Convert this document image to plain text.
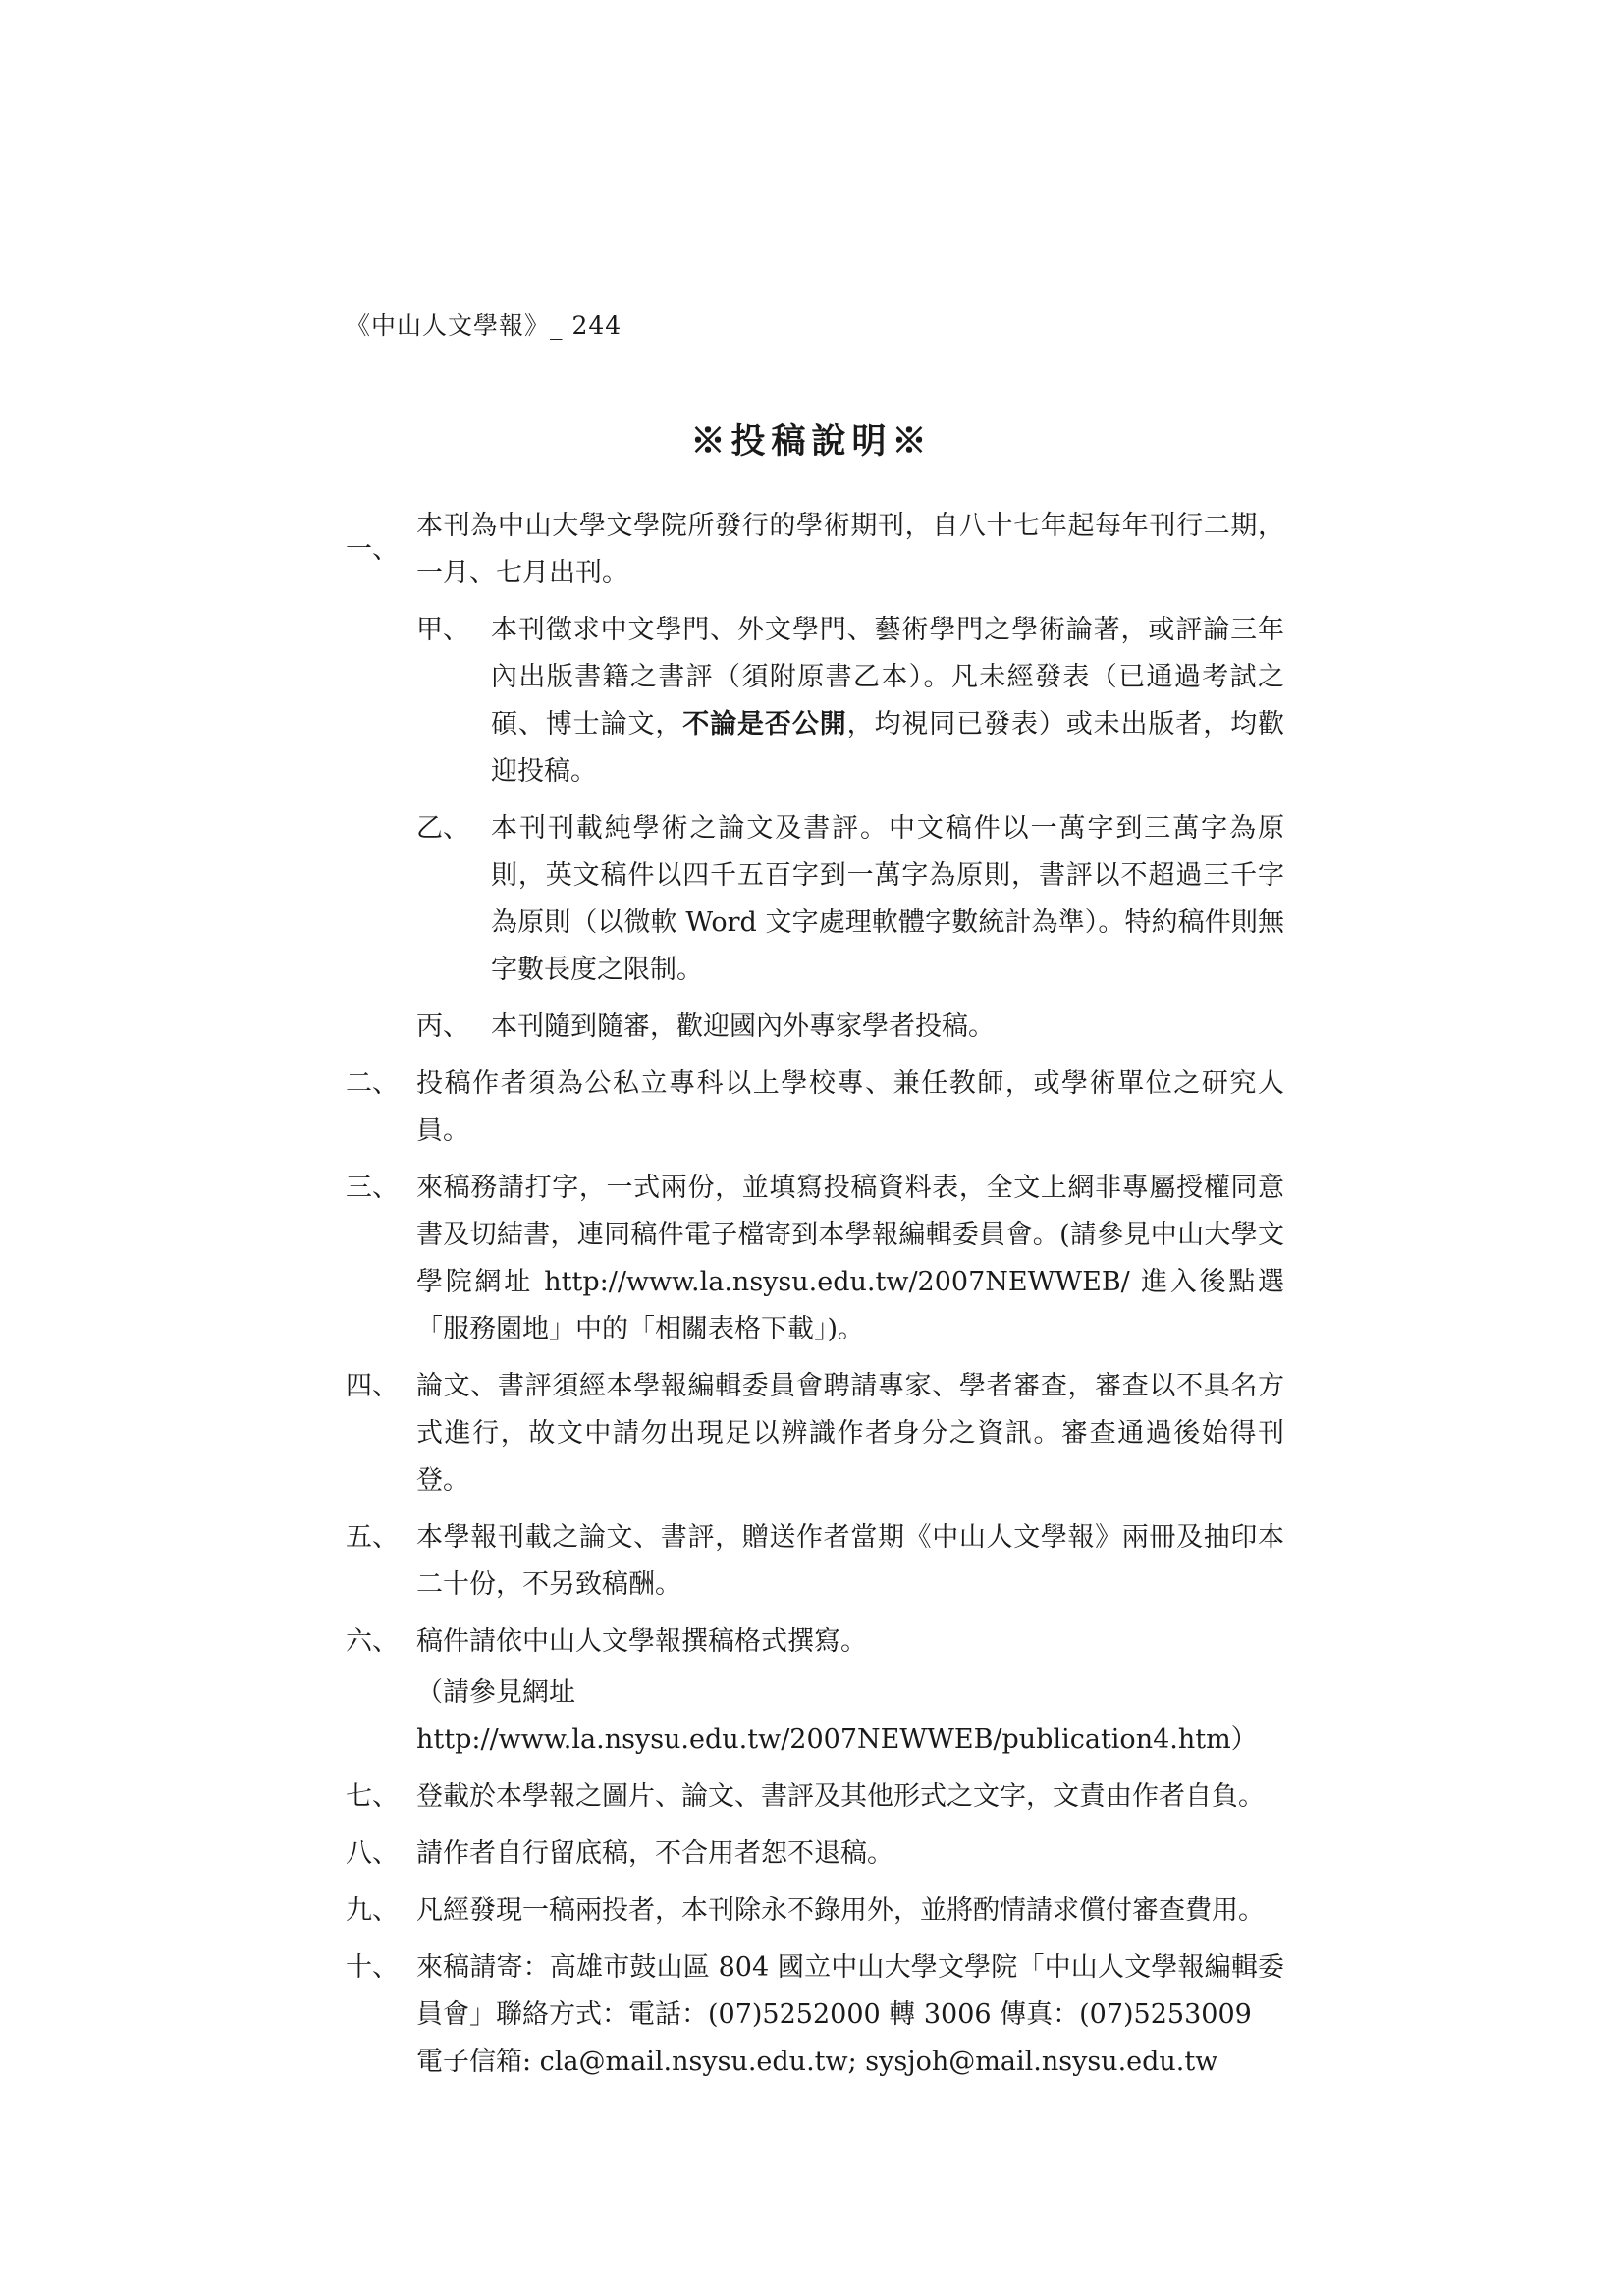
《中山人文學報》_ 244
※投稿說明※
一、
本刊為中山大學文學院所發行的學術期刊，自八十七年起每年刊行二期，一月、七月出刊。
甲、 本刊徵求中文學門、外文學門、藝術學門之學術論著，或評論三年內出版書籍之書評（須附原書乙本）。凡未經發表（已通過考試之碩、博士論文，不論是否公開，均視同已發表）或未出版者，均歡迎投稿。
乙、 本刊刊載純學術之論文及書評。中文稿件以一萬字到三萬字為原則，英文稿件以四千五百字到一萬字為原則，書評以不超過三千字為原則（以微軟 Word 文字處理軟體字數統計為準）。特約稿件則無字數長度之限制。
丙、 本刊隨到隨審，歡迎國內外專家學者投稿。
二、 投稿作者須為公私立專科以上學校專、兼任教師，或學術單位之研究人員。
三、 來稿務請打字，一式兩份，並填寫投稿資料表，全文上網非專屬授權同意書及切結書，連同稿件電子檔寄到本學報編輯委員會。(請參見中山大學文學院網址 http://www.la.nsysu.edu.tw/2007NEWWEB/ 進入後點選「服務園地」中的「相關表格下載」)。
四、 論文、書評須經本學報編輯委員會聘請專家、學者審查，審查以不具名方式進行，故文中請勿出現足以辨識作者身分之資訊。審查通過後始得刊登。
五、 本學報刊載之論文、書評，贈送作者當期《中山人文學報》兩冊及抽印本二十份，不另致稿酬。
六、 稿件請依中山人文學報撰稿格式撰寫。
（請參見網址 http://www.la.nsysu.edu.tw/2007NEWWEB/publication4.htm）
七、 登載於本學報之圖片、論文、書評及其他形式之文字，文責由作者自負。
八、 請作者自行留底稿，不合用者恕不退稿。
九、 凡經發現一稿兩投者，本刊除永不錄用外，並將酌情請求償付審查費用。
十、 來稿請寄：高雄市鼓山區 804 國立中山大學文學院「中山人文學報編輯委員會」聯絡方式：電話：(07)5252000 轉 3006 傳真：(07)5253009
電子信箱: cla@mail.nsysu.edu.tw; sysjoh@mail.nsysu.edu.tw
